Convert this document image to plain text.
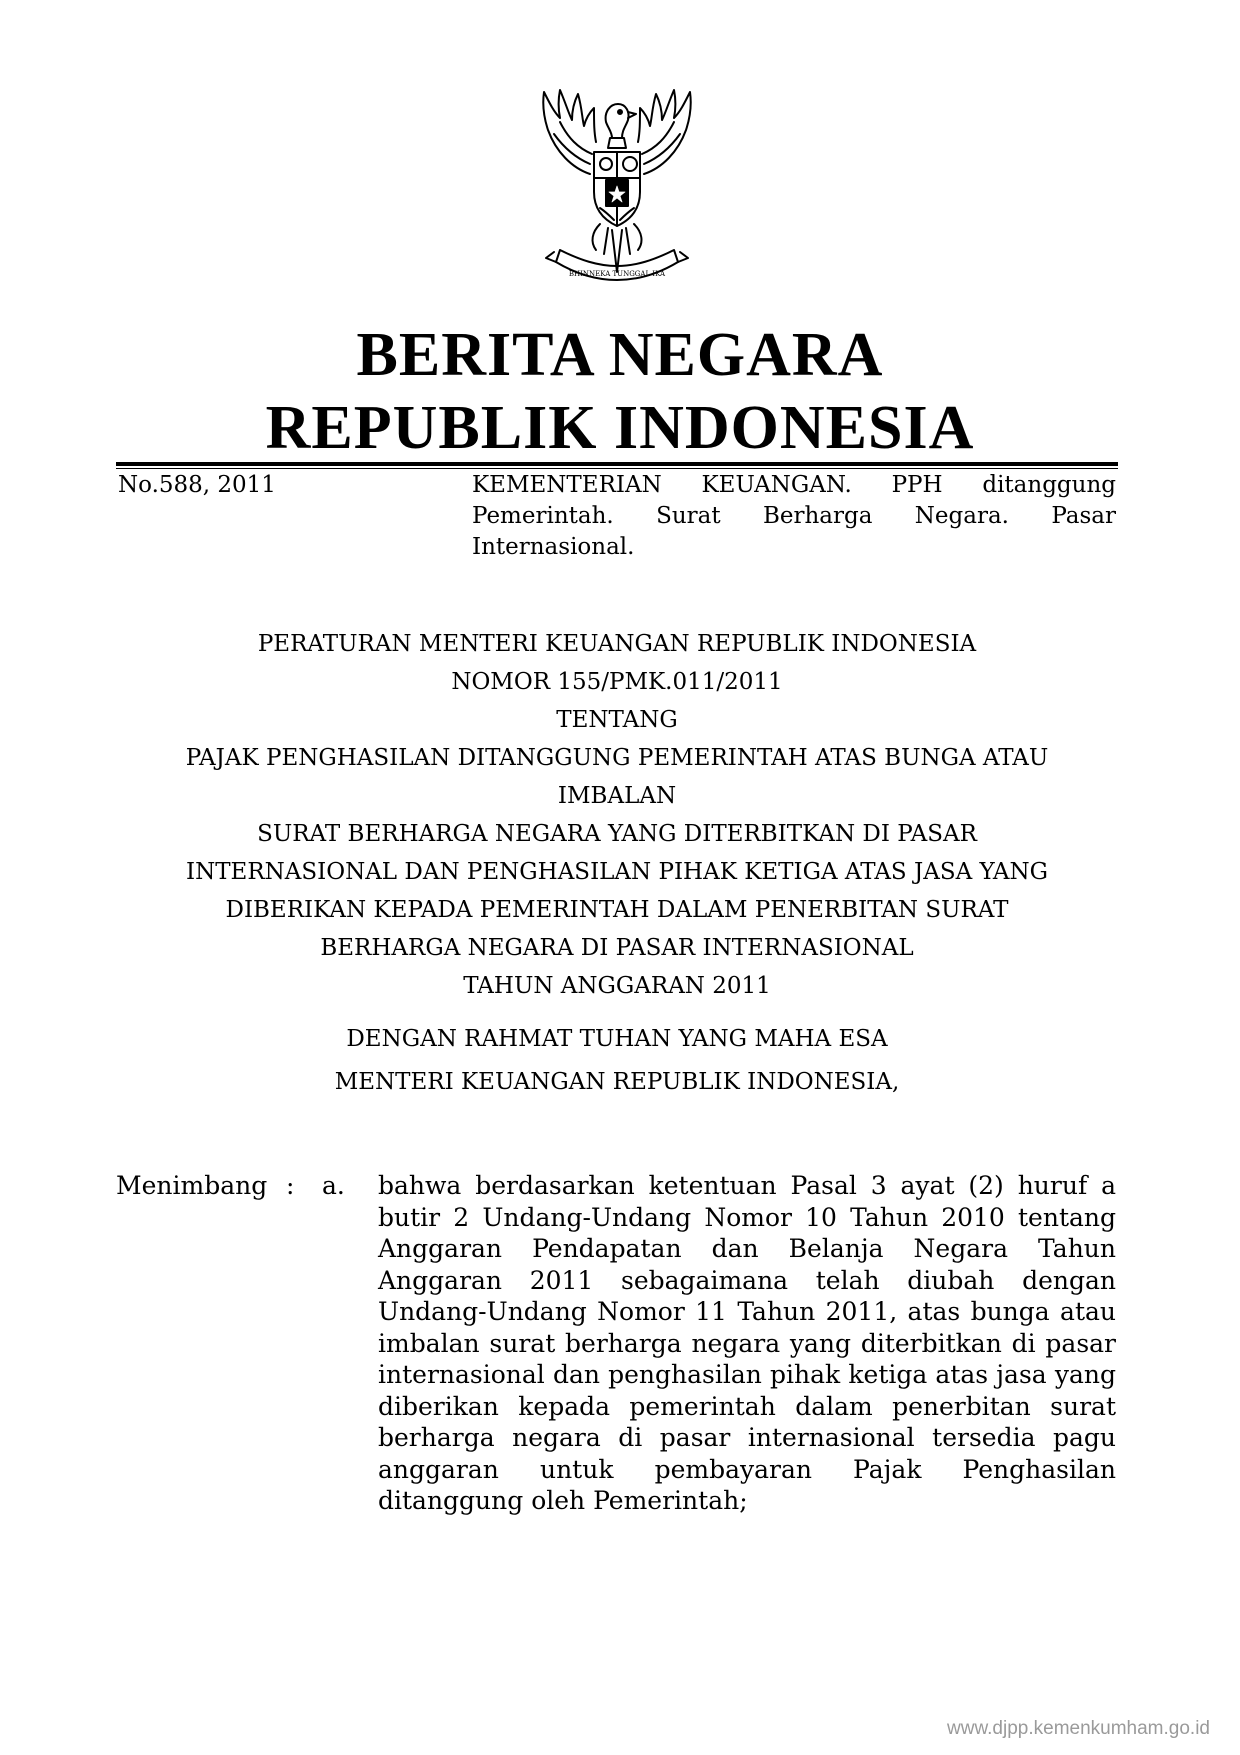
BHINNEKA TUNGGAL IKA
BERITA NEGARA
REPUBLIK INDONESIA
No.588, 2011	KEMENTERIAN KEUANGAN. PPH ditanggung Pemerintah. Surat Berharga Negara. Pasar Internasional.
PERATURAN MENTERI KEUANGAN REPUBLIK INDONESIA
NOMOR 155/PMK.011/2011
TENTANG
PAJAK PENGHASILAN DITANGGUNG PEMERINTAH ATAS BUNGA ATAU
IMBALAN
SURAT BERHARGA NEGARA YANG DITERBITKAN DI PASAR
INTERNASIONAL DAN PENGHASILAN PIHAK KETIGA ATAS JASA YANG
DIBERIKAN KEPADA PEMERINTAH DALAM PENERBITAN SURAT
BERHARGA NEGARA DI PASAR INTERNASIONAL
TAHUN ANGGARAN 2011
DENGAN RAHMAT TUHAN YANG MAHA ESA
MENTERI KEUANGAN REPUBLIK INDONESIA,
Menimbang : a. bahwa berdasarkan ketentuan Pasal 3 ayat (2) huruf a butir 2 Undang-Undang Nomor 10 Tahun 2010 tentang Anggaran Pendapatan dan Belanja Negara Tahun Anggaran 2011 sebagaimana telah diubah dengan Undang-Undang Nomor 11 Tahun 2011, atas bunga atau imbalan surat berharga negara yang diterbitkan di pasar internasional dan penghasilan pihak ketiga atas jasa yang diberikan kepada pemerintah dalam penerbitan surat berharga negara di pasar internasional tersedia pagu anggaran untuk pembayaran Pajak Penghasilan ditanggung oleh Pemerintah;
www.djpp.kemenkumham.go.id
